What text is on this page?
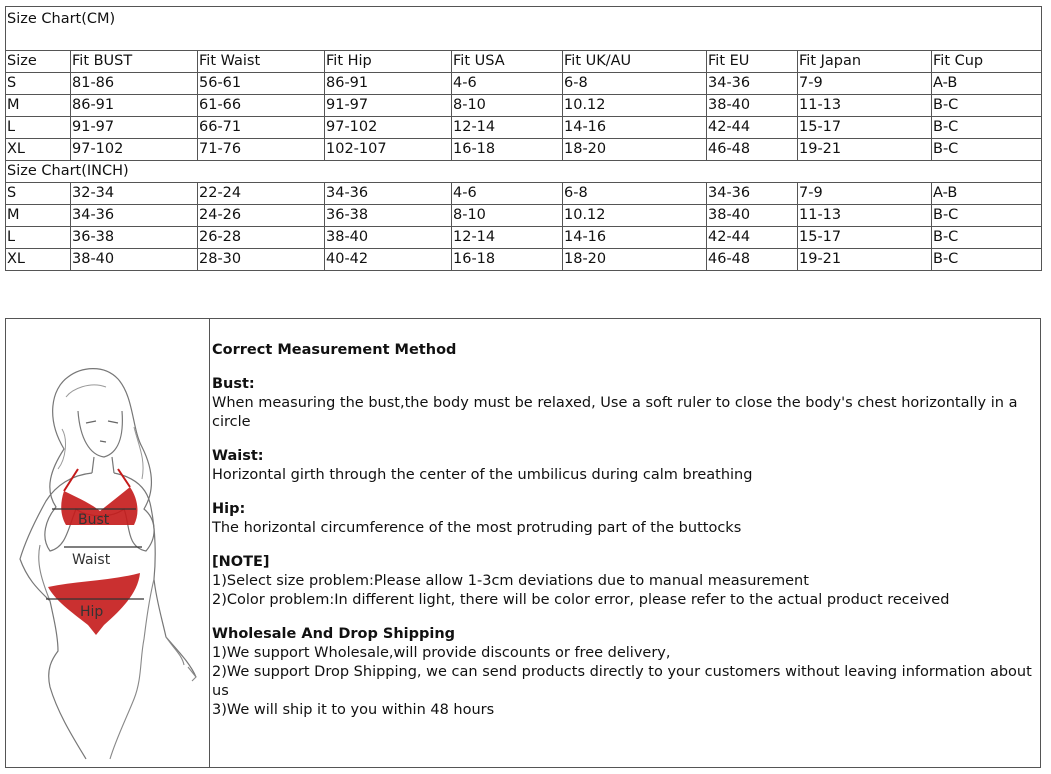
Size Chart(CM)								
Size	Fit BUST	Fit Waist	Fit Hip	Fit USA	Fit UK/AU	Fit EU	Fit Japan	Fit Cup
S	81-86	56-61	86-91	4-6	6-8	34-36	7-9	A-B
M	86-91	61-66	91-97	8-10	10.12	38-40	11-13	B-C
L	91-97	66-71	97-102	12-14	14-16	42-44	15-17	B-C
XL	97-102	71-76	102-107	16-18	18-20	46-48	19-21	B-C
Size Chart(INCH)								
S	32-34	22-24	34-36	4-6	6-8	34-36	7-9	A-B
M	34-36	24-26	36-38	8-10	10.12	38-40	11-13	B-C
L	36-38	26-28	38-40	12-14	14-16	42-44	15-17	B-C
XL	38-40	28-30	40-42	16-18	18-20	46-48	19-21	B-C
Bust
Waist
Hip

Correct Measurement Method

Bust:

When measuring the bust,the body must be relaxed, Use a soft ruler to close the body's chest horizontally in a circle

Waist:

Horizontal girth through the center of the umbilicus during calm breathing

Hip:

The horizontal circumference of the most protruding part of the buttocks

[NOTE]

1)Select size problem:Please allow 1-3cm deviations due to manual measurement

2)Color problem:In different light, there will be color error, please refer to the actual product received

Wholesale And Drop Shipping

1)We support Wholesale,will provide discounts or free delivery,

2)We support Drop Shipping, we can send products directly to your customers without leaving information about us

3)We will ship it to you within 48 hours
